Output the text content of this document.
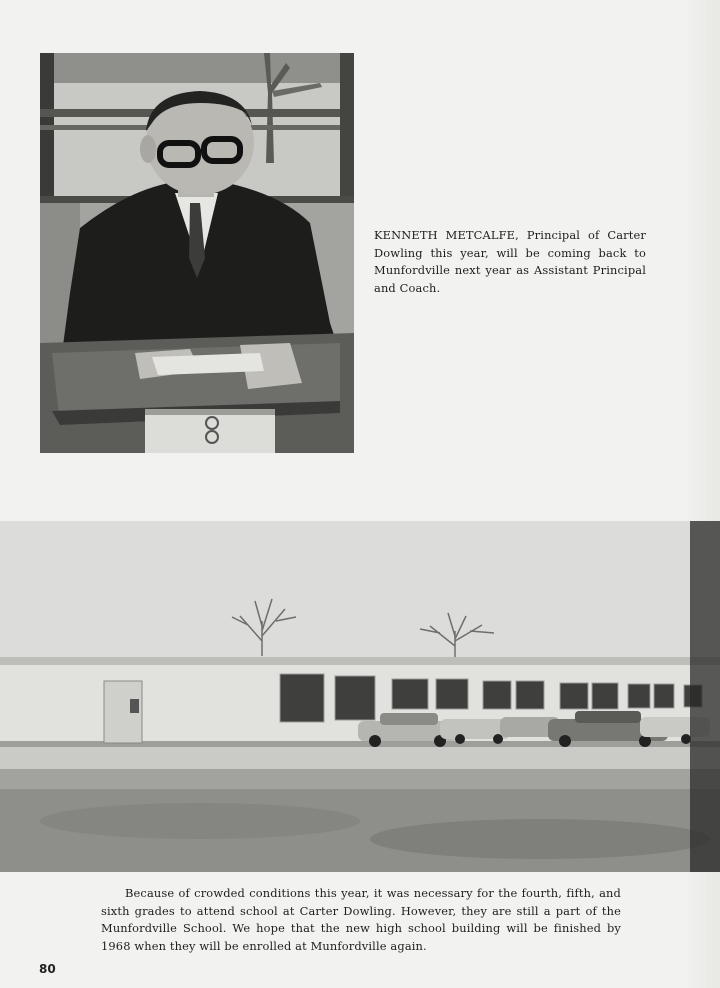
KENNETH METCALFE, Principal of Carter Dowling this year, will be coming back to Munfordville next year as Assistant Principal and Coach.
Because of crowded conditions this year, it was necessary for the fourth, fifth, and sixth grades to attend school at Carter Dowling. However, they are still a part of the Munfordville School. We hope that the new high school building will be finished by 1968 when they will be enrolled at Munfordville again.
80
